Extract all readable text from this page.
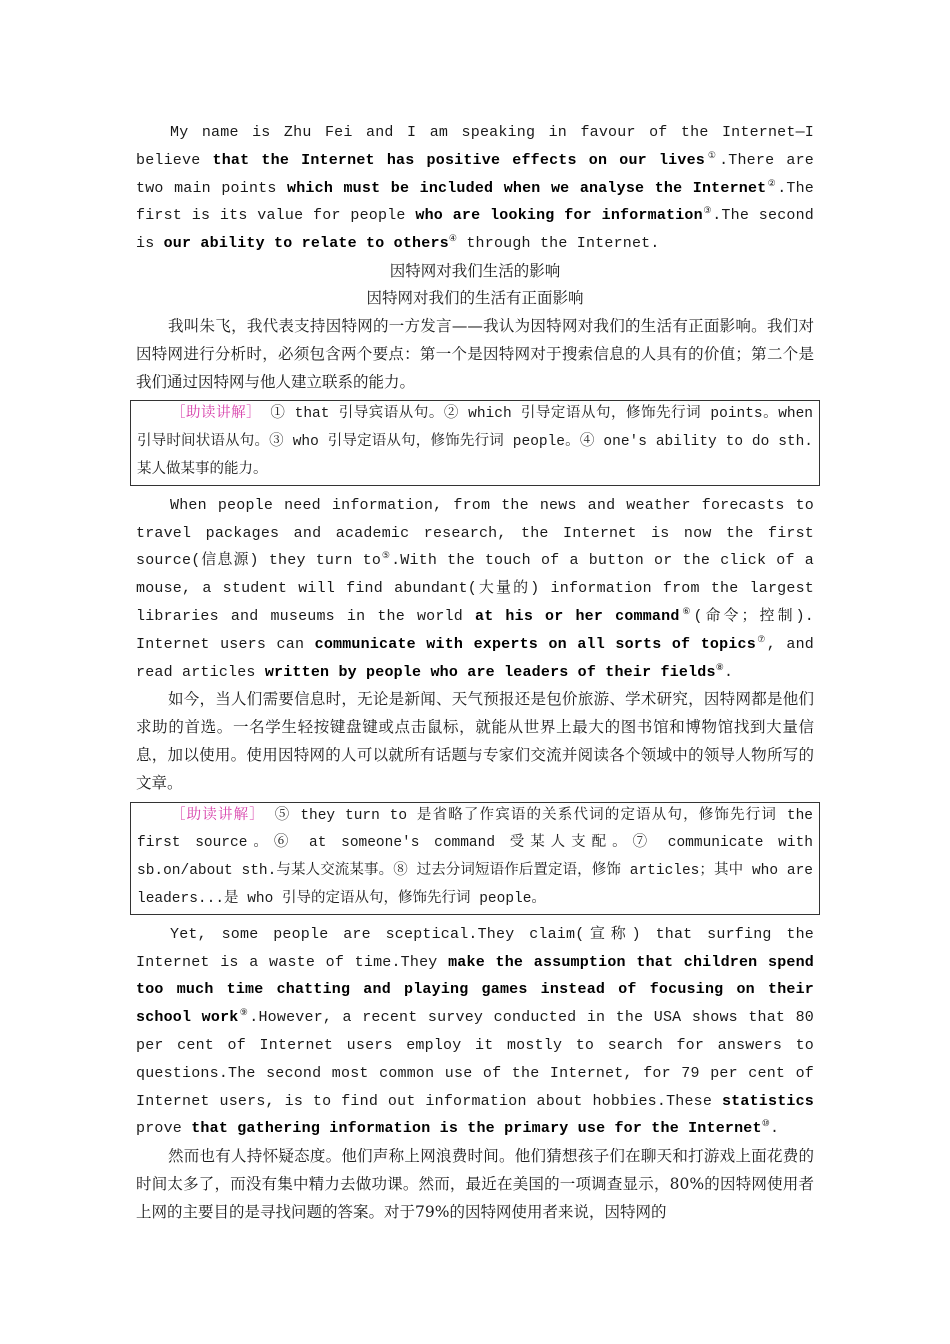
My name is Zhu Fei and I am speaking in favour of the Internet—I believe that the Internet has positive effects on our lives①.There are two main points which must be included when we analyse the Internet②.The first is its value for people who are looking for information③.The second is our ability to relate to others④ through the Internet.

因特网对我们生活的影响

因特网对我们的生活有正面影响

我叫朱飞，我代表支持因特网的一方发言——我认为因特网对我们的生活有正面影响。我们对因特网进行分析时，必须包含两个要点：第一个是因特网对于搜索信息的人具有的价值；第二个是我们通过因特网与他人建立联系的能力。

［助读讲解］ ① that 引导宾语从句。② which 引导定语从句，修饰先行词 points。when 引导时间状语从句。③ who 引导定语从句，修饰先行词 people。④ one's ability to do sth.某人做某事的能力。

When people need information, from the news and weather forecasts to travel packages and academic research, the Internet is now the first source(信息源) they turn to⑤.With the touch of a button or the click of a mouse, a student will find abundant(大量的) information from the largest libraries and museums in the world at his or her command⑥(命令；控制). Internet users can communicate with experts on all sorts of topics⑦, and read articles written by people who are leaders of their fields⑧.

如今，当人们需要信息时，无论是新闻、天气预报还是包价旅游、学术研究，因特网都是他们求助的首选。一名学生轻按键盘键或点击鼠标，就能从世界上最大的图书馆和博物馆找到大量信息，加以使用。使用因特网的人可以就所有话题与专家们交流并阅读各个领域中的领导人物所写的文章。

［助读讲解］ ⑤ they turn to 是省略了作宾语的关系代词的定语从句，修饰先行词 the first source。⑥ at someone's command 受某人支配。⑦ communicate with sb.on/about sth.与某人交流某事。⑧ 过去分词短语作后置定语，修饰 articles；其中 who are leaders...是 who 引导的定语从句，修饰先行词 people。

Yet, some people are sceptical.They claim(宣称) that surfing the Internet is a waste of time.They make the assumption that children spend too much time chatting and playing games instead of focusing on their school work⑨.However, a recent survey conducted in the USA shows that 80 per cent of Internet users employ it mostly to search for answers to questions.The second most common use of the Internet, for 79 per cent of Internet users, is to find out information about hobbies.These statistics prove that gathering information is the primary use for the Internet⑩.

然而也有人持怀疑态度。他们声称上网浪费时间。他们猜想孩子们在聊天和打游戏上面花费的时间太多了，而没有集中精力去做功课。然而，最近在美国的一项调查显示，80%的因特网使用者上网的主要目的是寻找问题的答案。对于79%的因特网使用者来说，因特网的
